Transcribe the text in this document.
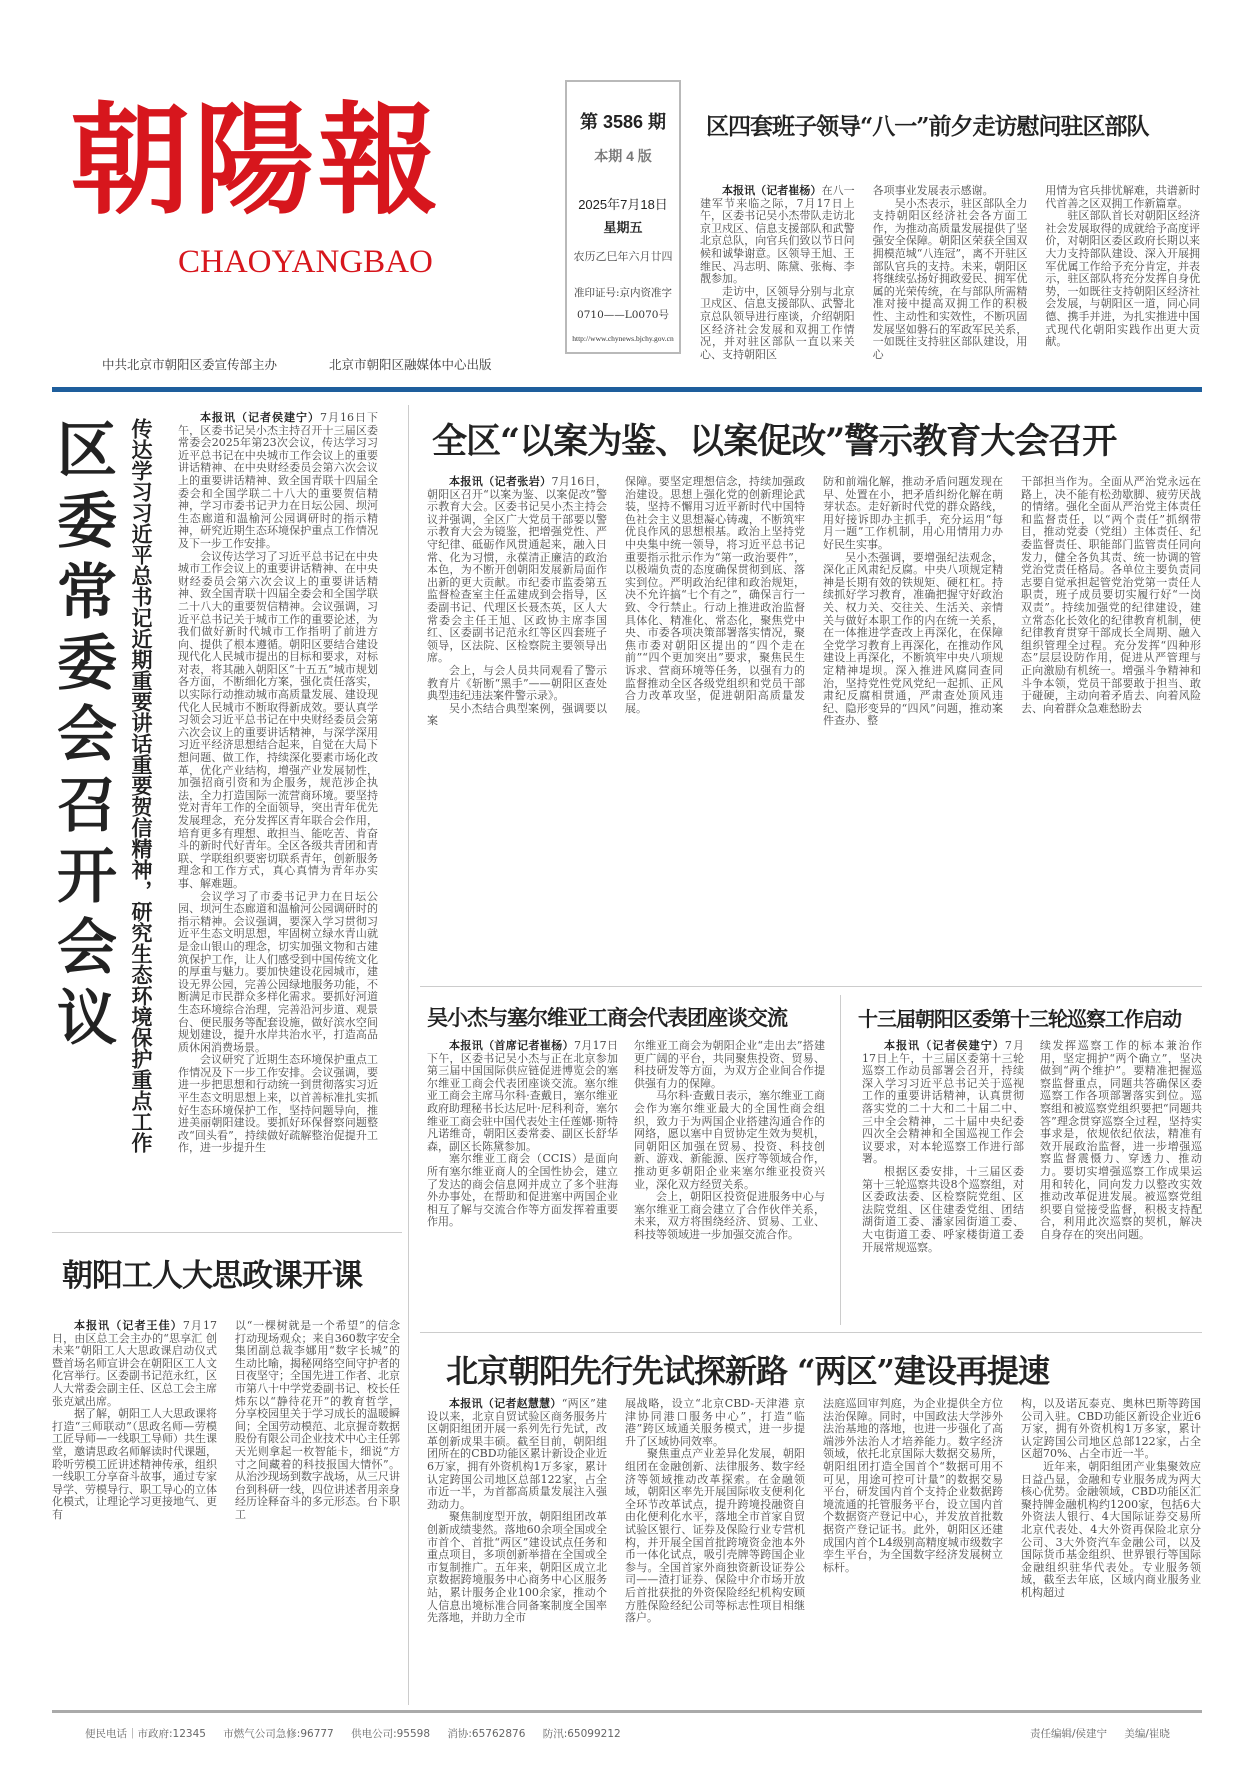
朝陽報
CHAOYANGBAO
第 3586 期
本期 4 版
2025年7月18日
星期五
农历乙巳年六月廿四
准印证号:京内资准字
0710——L0070号
http://www.chynews.bjchy.gov.cn
中共北京市朝阳区委宣传部主办	北京市朝阳区融媒体中心出版
区四套班子领导“八一”前夕走访慰问驻区部队

本报讯（记者崔杨）在八一建军节来临之际，7月17日上午，区委书记吴小杰带队走访北京卫戍区、信息支援部队和武警北京总队，向官兵们致以节日问候和诚挚谢意。区领导王旭、王维民、冯志明、陈黛、张梅、李靓参加。

走访中，区领导分别与北京卫戍区、信息支援部队、武警北京总队领导进行座谈，介绍朝阳区经济社会发展和双拥工作情况，并对驻区部队一直以来关心、支持朝阳区

各项事业发展表示感谢。

吴小杰表示，驻区部队全力支持朝阳区经济社会各方面工作，为推动高质量发展提供了坚强安全保障。朝阳区荣获全国双拥模范城“八连冠”，离不开驻区部队官兵的支持。未来，朝阳区将继续弘扬好拥政爱民、拥军优属的光荣传统，在与部队所需精准对接中提高双拥工作的积极性、主动性和实效性，不断巩固发展坚如磐石的军政军民关系，一如既往支持驻区部队建设，用心

用情为官兵排忧解难，共谱新时代首善之区双拥工作新篇章。

驻区部队首长对朝阳区经济社会发展取得的成就给予高度评价，对朝阳区委区政府长期以来大力支持部队建设、深入开展拥军优属工作给予充分肯定，并表示，驻区部队将充分发挥自身优势，一如既往支持朝阳区经济社会发展，与朝阳区一道，同心同德、携手并进，为扎实推进中国式现代化朝阳实践作出更大贡献。

区委常委会召开会议 传达学习习近平总书记近期重要讲话重要贺信精神，研究生态环境保护重点工作

本报讯（记者侯建宁）7月16日下午，区委书记吴小杰主持召开十三届区委常委会2025年第23次会议，传达学习习近平总书记在中央城市工作会议上的重要讲话精神、在中央财经委员会第六次会议上的重要讲话精神、致全国青联十四届全委会和全国学联二十八大的重要贺信精神，学习市委书记尹力在日坛公园、坝河生态廊道和温榆河公园调研时的指示精神，研究近期生态环境保护重点工作情况及下一步工作安排。

会议传达学习了习近平总书记在中央城市工作会议上的重要讲话精神、在中央财经委员会第六次会议上的重要讲话精神、致全国青联十四届全委会和全国学联二十八大的重要贺信精神。会议强调，习近平总书记关于城市工作的重要论述，为我们做好新时代城市工作指明了前进方向、提供了根本遵循。朝阳区要结合建设现代化人民城市提出的目标和要求，对标对表，将其融入朝阳区“十五五”城市规划各方面，不断细化方案，强化责任落实，以实际行动推动城市高质量发展、建设现代化人民城市不断取得新成效。要认真学习领会习近平总书记在中央财经委员会第六次会议上的重要讲话精神，与深学深用习近平经济思想结合起来，自觉在大局下想问题、做工作，持续深化要素市场化改革，优化产业结构，增强产业发展韧性，加强招商引资和为企服务，规范涉企执法，全力打造国际一流营商环境。要坚持党对青年工作的全面领导，突出青年优先发展理念，充分发挥区青年联合会作用，培育更多有理想、敢担当、能吃苦、肯奋斗的新时代好青年。全区各级共青团和青联、学联组织要密切联系青年，创新服务理念和工作方式，真心真情为青年办实事、解难题。

会议学习了市委书记尹力在日坛公园、坝河生态廊道和温榆河公园调研时的指示精神。会议强调，要深入学习贯彻习近平生态文明思想，牢固树立绿水青山就是金山银山的理念，切实加强文物和古建筑保护工作，让人们感受到中国传统文化的厚重与魅力。要加快建设花园城市，建设无界公园，完善公园绿地服务功能，不断满足市民群众多样化需求。要抓好河道生态环境综合治理，完善沿河步道、观景台、便民服务等配套设施，做好滨水空间规划建设，提升水岸共治水平，打造高品质休闲消费场景。

会议研究了近期生态环境保护重点工作情况及下一步工作安排。会议强调，要进一步把思想和行动统一到贯彻落实习近平生态文明思想上来，以首善标准扎实抓好生态环境保护工作，坚持问题导向，推进美丽朝阳建设。要抓好环保督察问题整改“回头看”，持续做好疏解整治促提升工作，进一步提升生

全区“以案为鉴、以案促改”警示教育大会召开

本报讯（记者张岩）7月16日，朝阳区召开“以案为鉴、以案促改”警示教育大会。区委书记吴小杰主持会议并强调，全区广大党员干部要以警示教育大会为镜鉴，把增强党性、严守纪律、砥砺作风贯通起来，融入日常、化为习惯，永葆清正廉洁的政治本色，为不断开创朝阳发展新局面作出新的更大贡献。市纪委市监委第五监督检查室主任孟建成到会指导，区委副书记、代理区长聂杰英，区人大常委会主任王旭、区政协主席李国红、区委副书记范永红等区四套班子领导，区法院、区检察院主要领导出席。

会上，与会人员共同观看了警示教育片《斩断“黑手”——朝阳区查处典型违纪违法案件警示录》。

吴小杰结合典型案例，强调要以案

保障。要坚定理想信念，持续加强政治建设。思想上强化党的创新理论武装，坚持不懈用习近平新时代中国特色社会主义思想凝心铸魂，不断筑牢优良作风的思想根基。政治上坚持党中央集中统一领导，将习近平总书记重要指示批示作为“第一政治要件”，以极端负责的态度确保贯彻到底、落实到位。严明政治纪律和政治规矩，决不允许搞“七个有之”，确保言行一致、令行禁止。行动上推进政治监督具体化、精准化、常态化，聚焦党中央、市委各项决策部署落实情况，聚焦市委对朝阳区提出的“四个走在前”“四个更加突出”要求，聚焦民生诉求、营商环境等任务，以强有力的监督推动全区各级党组织和党员干部合力改革攻坚，促进朝阳高质量发展。

防和前端化解，推动矛盾问题发现在早、处置在小，把矛盾纠纷化解在萌芽状态。走好新时代党的群众路线，用好接诉即办主抓手，充分运用“每月一题”工作机制，用心用情用力办好民生实事。

吴小杰强调，要增强纪法观念，深化正风肃纪反腐。中央八项规定精神是长期有效的铁规矩、硬杠杠。持续抓好学习教育，准确把握守好政治关、权力关、交往关、生活关、亲情关与做好本职工作的内在统一关系，在一体推进学查改上再深化，在保障全党学习教育上再深化，在推动作风建设上再深化，不断筑牢中央八项规定精神堤坝。深入推进风腐同查同治，坚持党性党风党纪一起抓、正风肃纪反腐相贯通，严肃查处顶风违纪、隐形变异的“四风”问题，推动案件查办、整

干部担当作为。全面从严治党永远在路上，决不能有松劲歇脚、疲劳厌战的情绪。强化全面从严治党主体责任和监督责任，以“两个责任”抓纲带目，推动党委（党组）主体责任、纪委监督责任、职能部门监管责任同向发力，健全各负其责、统一协调的管党治党责任格局。各单位主要负责同志要自觉承担起管党治党第一责任人职责，班子成员要切实履行好“一岗双责”。持续加强党的纪律建设，建立常态化长效化的纪律教育机制，使纪律教育贯穿干部成长全周期、融入组织管理全过程。充分发挥“四种形态”层层设防作用，促进从严管理与正向激励有机统一。增强斗争精神和斗争本领，党员干部要敢于担当、敢于碰硬，主动向着矛盾去、向着风险去、向着群众急难愁盼去

吴小杰与塞尔维亚工商会代表团座谈交流

本报讯（首席记者崔杨）7月17日下午，区委书记吴小杰与正在北京参加第三届中国国际供应链促进博览会的塞尔维亚工商会代表团座谈交流。塞尔维亚工商会主席马尔科·查戴日，塞尔维亚政府助理秘书长达尼叶·尼科利奇，塞尔维亚工商会驻中国代表处主任莲娜·斯特凡诺维奇，朝阳区委常委、副区长舒华森，副区长陈黛参加。

塞尔维亚工商会（CCIS）是面向所有塞尔维亚商人的全国性协会，建立了发达的商会信息网并成立了多个驻海外办事处，在帮助和促进塞中两国企业相互了解与交流合作等方面发挥着重要作用。

尔维亚工商会为朝阳企业“走出去”搭建更广阔的平台，共同聚焦投资、贸易、科技研发等方面，为双方企业间合作提供强有力的保障。

马尔科·查戴日表示，塞尔维亚工商会作为塞尔维亚最大的全国性商会组织，致力于为两国企业搭建沟通合作的网络，愿以塞中自贸协定生效为契机，同朝阳区加强在贸易、投资、科技创新、游戏、新能源、医疗等领域合作，推动更多朝阳企业来塞尔维亚投资兴业，深化双方经贸关系。

会上，朝阳区投资促进服务中心与塞尔维亚工商会建立了合作伙伴关系，未来，双方将围绕经济、贸易、工业、科技等领域进一步加强交流合作。

十三届朝阳区委第十三轮巡察工作启动

本报讯（记者侯建宁）7月17日上午，十三届区委第十三轮巡察工作动员部署会召开，持续深入学习习近平总书记关于巡视工作的重要讲话精神，认真贯彻落实党的二十大和二十届二中、三中全会精神，二十届中央纪委四次全会精神和全国巡视工作会议要求，对本轮巡察工作进行部署。

根据区委安排，十三届区委第十三轮巡察共设8个巡察组，对区委政法委、区检察院党组、区法院党组、区住建委党组、团结湖街道工委、潘家园街道工委、大屯街道工委、呼家楼街道工委开展常规巡察。

续发挥巡察工作的标本兼治作用，坚定拥护“两个确立”，坚决做到“两个维护”。要精准把握巡察监督重点，同题共答确保区委巡察工作各项部署落实到位。巡察组和被巡察党组织要把“同题共答”理念贯穿巡察全过程，坚持实事求是，依规依纪依法，精准有效开展政治监督，进一步增强巡察监督震慑力、穿透力、推动力。要切实增强巡察工作成果运用和转化，同向发力以整改实效推动改革促进发展。被巡察党组织要自觉接受监督，积极支持配合，利用此次巡察的契机，解决自身存在的突出问题。

朝阳工人大思政课开课

本报讯（记者王佳）7月17日，由区总工会主办的“思享汇 创未来”朝阳工人大思政课启动仪式暨首场名师宣讲会在朝阳区工人文化宫举行。区委副书记范永红，区人大常委会副主任、区总工会主席张克斌出席。

据了解，朝阳工人大思政课将打造“三师联动”（思政名师—劳模工匠导师—一线职工导师）共生课堂，邀请思政名师解读时代课题，聆听劳模工匠讲述精神传承，组织一线职工分享奋斗故事，通过专家导学、劳模导行、职工导心的立体化模式，让理论学习更接地气、更有

以“一棵树就是一个希望”的信念打动现场观众；来自360数字安全集团副总裁李娜用“数字长城”的生动比喻，揭秘网络空间守护者的日夜坚守；全国先进工作者、北京市第八十中学党委副书记、校长任炜东以“静待花开”的教育哲学，分享校园里关于学习成长的温暖瞬间；全国劳动模范、北京握奇数据股份有限公司企业技术中心主任郭天光则拿起一枚智能卡，细说“方寸之间藏着的科技报国大情怀”。从治沙现场到数字战场，从三尺讲台到科研一线，四位讲述者用亲身经历诠释奋斗的多元形态。台下职工

北京朝阳先行先试探新路 “两区”建设再提速

本报讯（记者赵慧慧）“两区”建设以来，北京自贸试验区商务服务片区朝阳组团开展一系列先行先试，改革创新成果丰硕。截至目前，朝阳组团所在的CBD功能区累计新设企业近6万家，拥有外资机构1万多家，累计认定跨国公司地区总部122家，占全市近一半，为首都高质量发展注入强劲动力。

聚焦制度型开放，朝阳组团改革创新成绩斐然。落地60余项全国或全市首个、首批“两区”建设试点任务和重点项目，多项创新举措在全国或全市复制推广。五年来，朝阳区成立北京数据跨境服务中心商务中心区服务站，累计服务企业100余家，推动个人信息出境标准合同备案制度全国率先落地，并助力全市

展战略，设立“北京CBD-天津港 京津协同港口服务中心”，打造“临港”跨区域通关服务模式，进一步提升了区域协同效率。

聚焦重点产业差异化发展，朝阳组团在金融创新、法律服务、数字经济等领域推动改革探索。在金融领域，朝阳区率先开展国际收支便利化全环节改革试点，提升跨境投融资自由化便利化水平，落地全市首家自贸试验区银行、证券及保险行业专营机构，并开展全国首批跨境资金池本外币一体化试点，吸引壳牌等跨国企业参与。全国首家外商独资新设证券公司——渣打证券、保险中介市场开放后首批获批的外资保险经纪机构安顾方胜保险经纪公司等标志性项目相继落户。

法庭巡回审判庭，为企业提供全方位法治保障。同时，中国政法大学涉外法治基地的落地，也进一步强化了高端涉外法治人才培养能力。数字经济领域，依托北京国际大数据交易所，朝阳组团打造全国首个“数据可用不可见，用途可控可计量”的数据交易平台，研发国内首个支持企业数据跨境流通的托管服务平台，设立国内首个数据资产登记中心，并发放首批数据资产登记证书。此外，朝阳区还建成国内首个L4级别高精度城市级数字孪生平台，为全国数字经济发展树立标杆。

构，以及诺瓦泰克、奥林巴斯等跨国公司入驻。CBD功能区新设企业近6万家，拥有外资机构1万多家，累计认定跨国公司地区总部122家，占全区超70%、占全市近一半。

近年来，朝阳组团产业集聚效应日益凸显，金融和专业服务成为两大核心优势。金融领域，CBD功能区汇聚持牌金融机构约1200家，包括6大外资法人银行、4大国际证券交易所北京代表处、4大外资再保险北京分公司、3大外资汽车金融公司，以及国际货币基金组织、世界银行等国际金融组织驻华代表处。专业服务领域，截至去年底，区域内商业服务业机构超过

便民电话｜市政府:12345 市燃气公司急修:96777 供电公司:95598 消协:65762876 防汛:65099212	责任编辑/侯建宁 美编/崔晓
